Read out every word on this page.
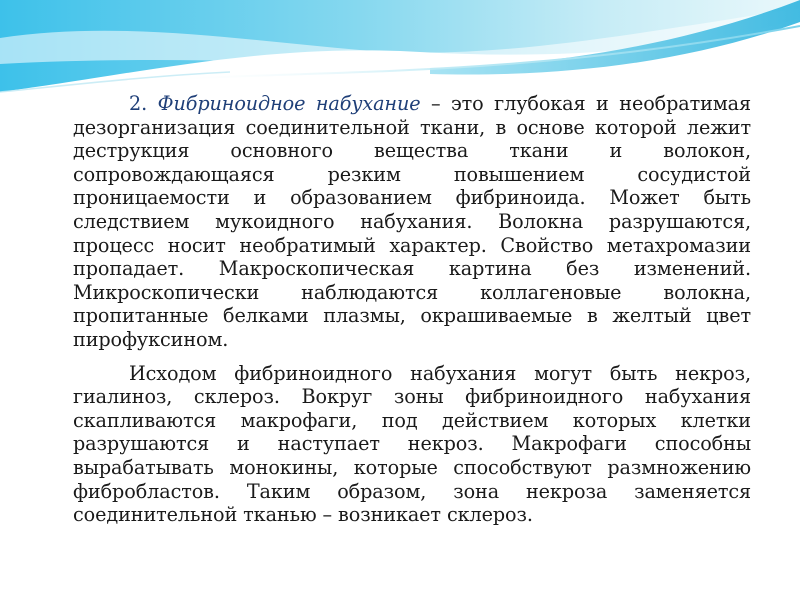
2. Фибриноидное набухание – это глубокая и необратимая дезорганизация соединительной ткани, в основе которой лежит деструкция основного вещества ткани и волокон, сопровождающаяся резким повышением сосудистой проницаемости и образованием фибриноида. Может быть следствием мукоидного набухания. Волокна разрушаются, процесс носит необратимый характер. Свойство метахромазии пропадает. Макроскопическая картина без изменений. Микроскопически наблюдаются коллагеновые волокна, пропитанные белками плазмы, окрашиваемые в желтый цвет пирофуксином.

Исходом фибриноидного набухания могут быть некроз, гиалиноз, склероз. Вокруг зоны фибриноидного набухания скапливаются макрофаги, под действием которых клетки разрушаются и наступает некроз. Макрофаги способны вырабатывать монокины, которые способствуют размножению фибробластов. Таким образом, зона некроза заменяется соединительной тканью – возникает склероз.
